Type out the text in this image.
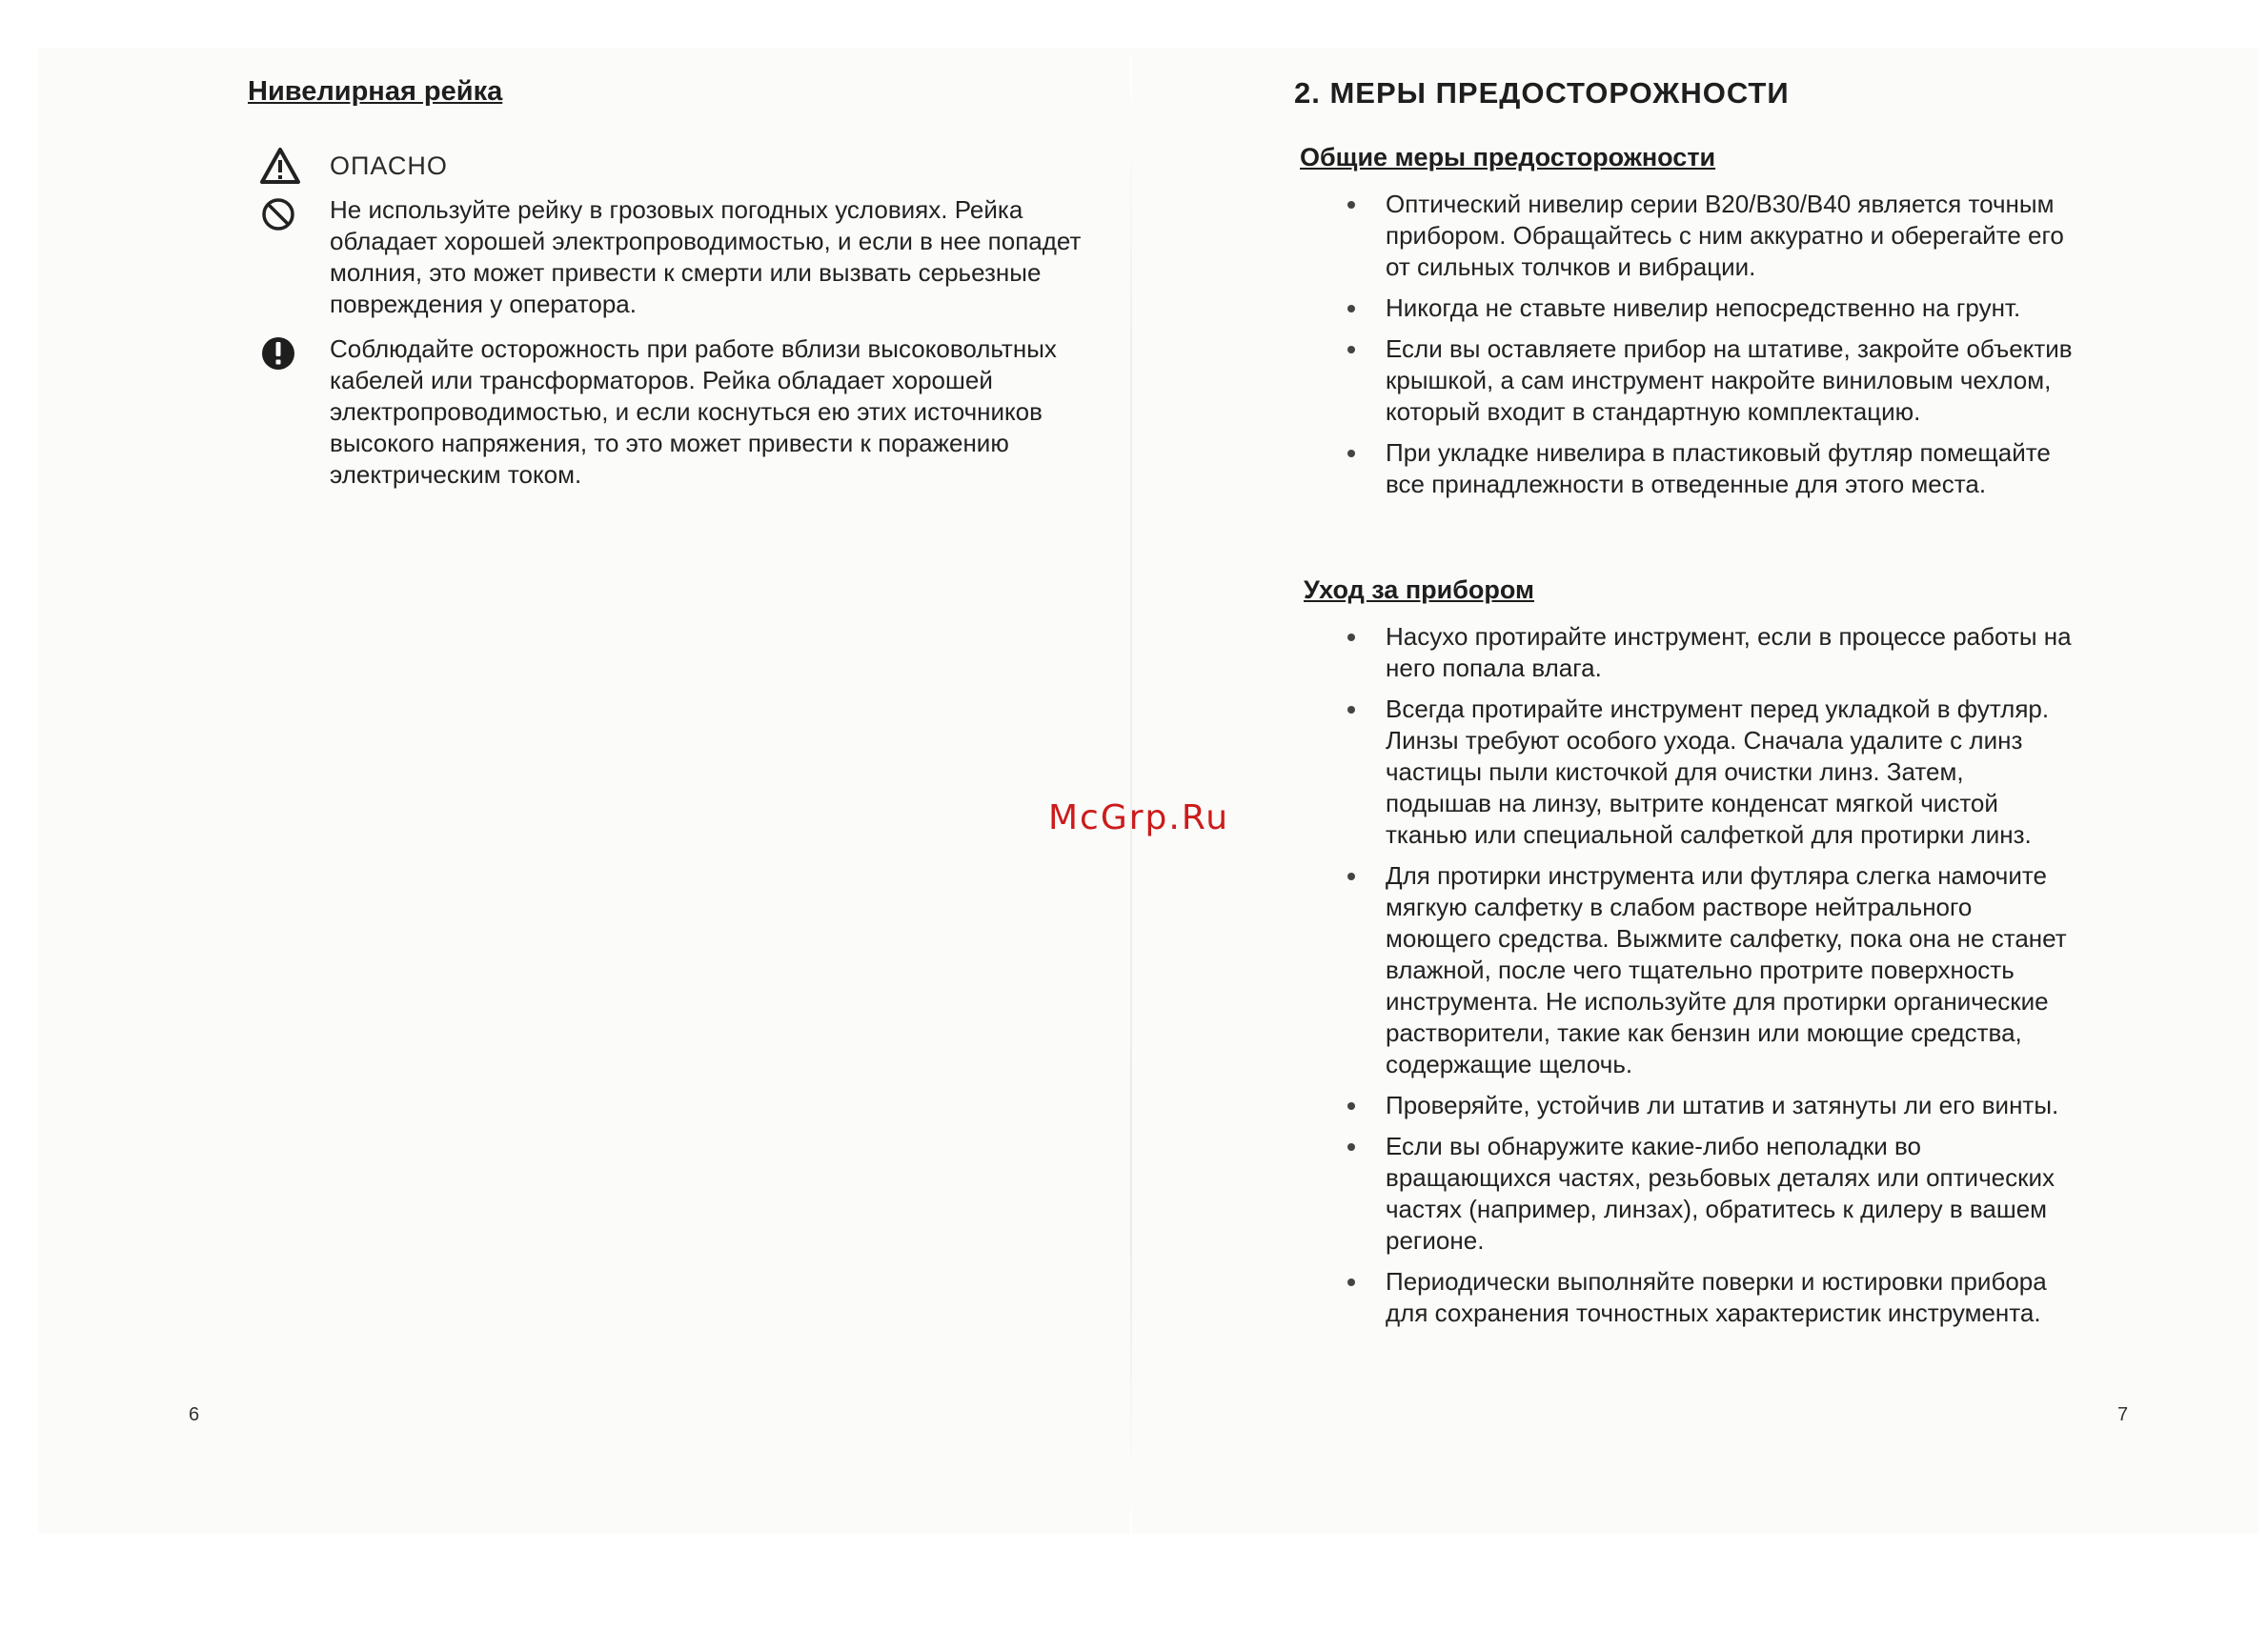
Нивелирная рейка
ОПАСНО
Не используйте рейку в грозовых погодных условиях. Рейка обладает хорошей электропроводимостью, и если в нее попадет молния, это может привести к смерти или вызвать серьезные повреждения у оператора.
Соблюдайте осторожность при работе вблизи высоковольтных кабелей или трансформаторов. Рейка обладает хорошей электропроводимостью, и если коснуться ею этих источников высокого напряжения, то это может привести к поражению электрическим током.
6
2. МЕРЫ ПРЕДОСТОРОЖНОСТИ
Общие меры предосторожности
Оптический нивелир серии B20/B30/B40 является точным прибором. Обращайтесь с ним аккуратно и оберегайте его от сильных толчков и вибрации.
Никогда не ставьте нивелир непосредственно на грунт.
Если вы оставляете прибор на штативе, закройте объектив крышкой, а сам инструмент накройте виниловым чехлом, который входит в стандартную комплектацию.
При укладке нивелира в пластиковый футляр помещайте все принадлежности в отведенные для этого места.
Уход за прибором
Насухо протирайте инструмент, если в процессе работы на него попала влага.
Всегда протирайте инструмент перед укладкой в футляр. Линзы требуют особого ухода. Сначала удалите с линз частицы пыли кисточкой для очистки линз. Затем, подышав на линзу, вытрите конденсат мягкой чистой тканью или специальной салфеткой для протирки линз.
Для протирки инструмента или футляра слегка намочите мягкую салфетку в слабом растворе нейтрального моющего средства. Выжмите салфетку, пока она не станет влажной, после чего тщательно протрите поверхность инструмента. Не используйте для протирки органические растворители, такие как бензин или моющие средства, содержащие щелочь.
Проверяйте, устойчив ли штатив и затянуты ли его винты.
Если вы обнаружите какие-либо неполадки во вращающихся частях, резьбовых деталях или оптических частях (например, линзах), обратитесь к дилеру в вашем регионе.
Периодически выполняйте поверки и юстировки прибора для сохранения точностных характеристик инструмента.
7
McGrp.Ru
